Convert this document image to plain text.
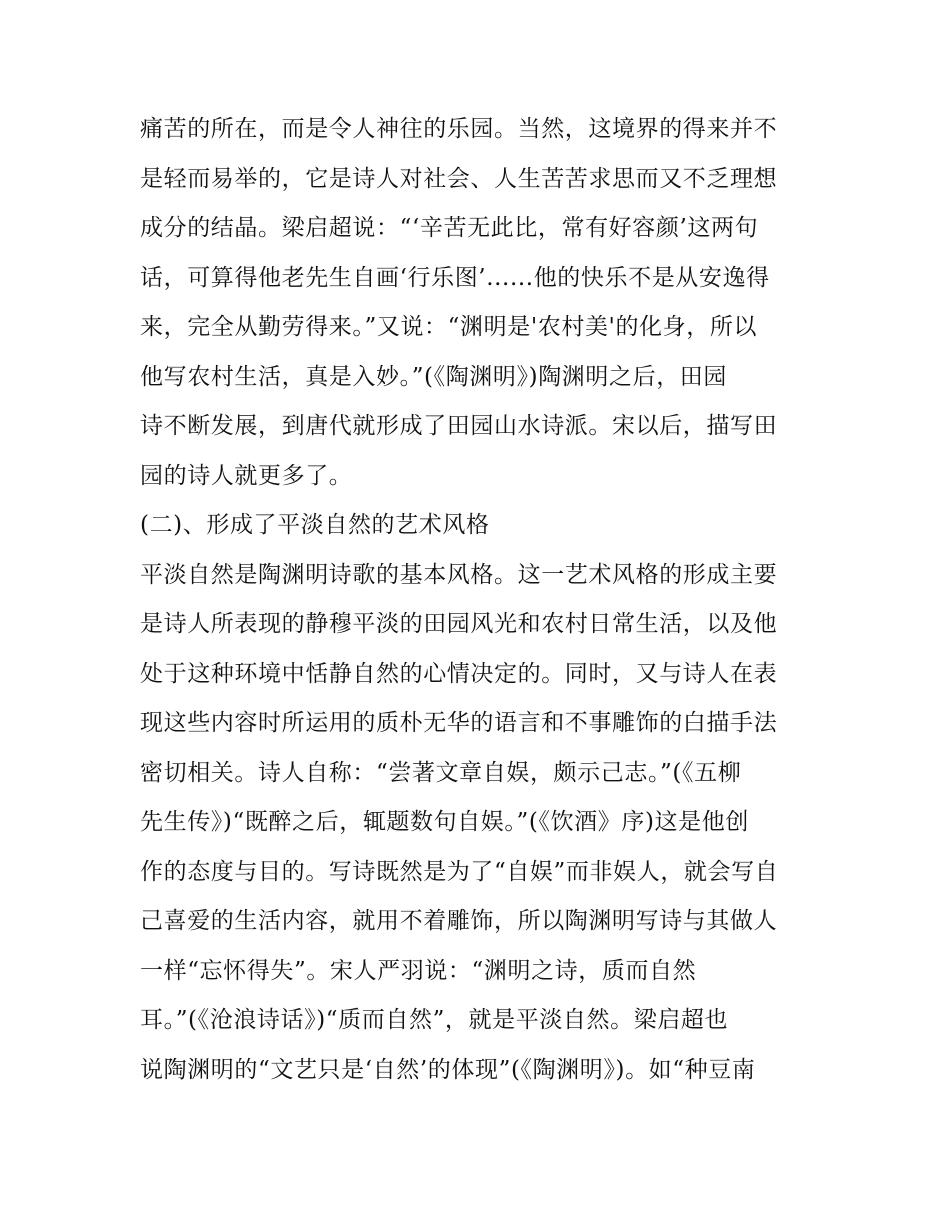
痛苦的所在，而是令人神往的乐园。当然，这境界的得来并不
是轻而易举的，它是诗人对社会、人生苦苦求思而又不乏理想
成分的结晶。梁启超说：“‘辛苦无此比，常有好容颜’这两句
话，可算得他老先生自画‘行乐图’......他的快乐不是从安逸得
来，完全从勤劳得来。”又说：“渊明是'农村美'的化身，所以
他写农村生活，真是入妙。”(《陶渊明》)陶渊明之后，田园
诗不断发展，到唐代就形成了田园山水诗派。宋以后，描写田
园的诗人就更多了。
(二)、形成了平淡自然的艺术风格
平淡自然是陶渊明诗歌的基本风格。这一艺术风格的形成主要
是诗人所表现的静穆平淡的田园风光和农村日常生活，以及他
处于这种环境中恬静自然的心情决定的。同时，又与诗人在表
现这些内容时所运用的质朴无华的语言和不事雕饰的白描手法
密切相关。诗人自称：“尝著文章自娱，颇示己志。”(《五柳
先生传》)“既醉之后，辄题数句自娱。”(《饮酒》序)这是他创
作的态度与目的。写诗既然是为了“自娱”而非娱人，就会写自
己喜爱的生活内容，就用不着雕饰，所以陶渊明写诗与其做人
一样“忘怀得失”。宋人严羽说：“渊明之诗，质而自然
耳。”(《沧浪诗话》)“质而自然”，就是平淡自然。梁启超也
说陶渊明的“文艺只是‘自然’的体现”(《陶渊明》)。如“种豆南
